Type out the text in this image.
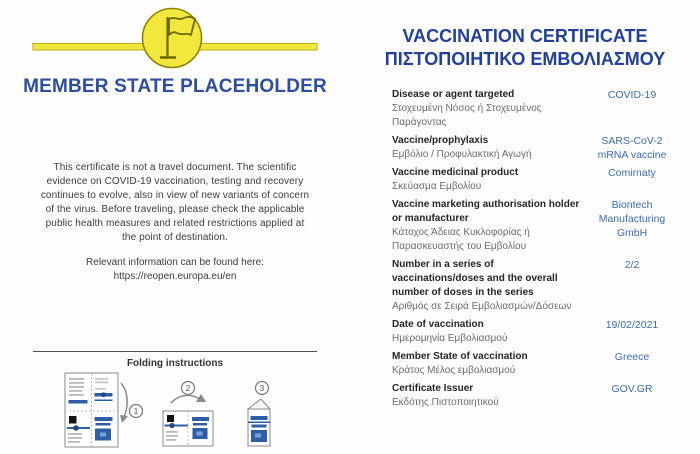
MEMBER STATE PLACEHOLDER
This certificate is not a travel document. The scientific evidence on COVID-19 vaccination, testing and recovery continues to evolve, also in view of new variants of concern of the virus. Before traveling, please check the applicable public health measures and related restrictions applied at the point of destination.
Relevant information can be found here:
https://reopen.europa.eu/en
Folding instructions
1
2	3
VACCINATION CERTIFICATE
ΠΙΣΤΟΠΟΙΗΤΙΚΟ ΕΜΒΟΛΙΑΣΜΟΥ
Disease or agent targeted
Στοχευμένη Νόσος ή Στοχευμένος Παράγοντας
COVID-19
Vaccine/prophylaxis
Εμβόλιο / Προφυλακτική Αγωγή
SARS-CoV-2 mRNA vaccine
Vaccine medicinal product
Σκεύασμα Εμβολίου
Comirnaty
Vaccine marketing authorisation holder or manufacturer
Κάτοχος Άδειας Κυκλοφορίας ή Παρασκευαστής του Εμβολίου
Biontech Manufacturing GmbH
Number in a series of vaccinations/doses and the overall number of doses in the series
Αριθμός σε Σειρά Εμβολιασμών/Δόσεων
2/2
Date of vaccination
Ημερομηνία Εμβολιασμού
19/02/2021
Member State of vaccination
Κράτος Μέλος εμβολιασμού
Greece
Certificate Issuer
Εκδότης Πιστοποιητικού
GOV.GR
